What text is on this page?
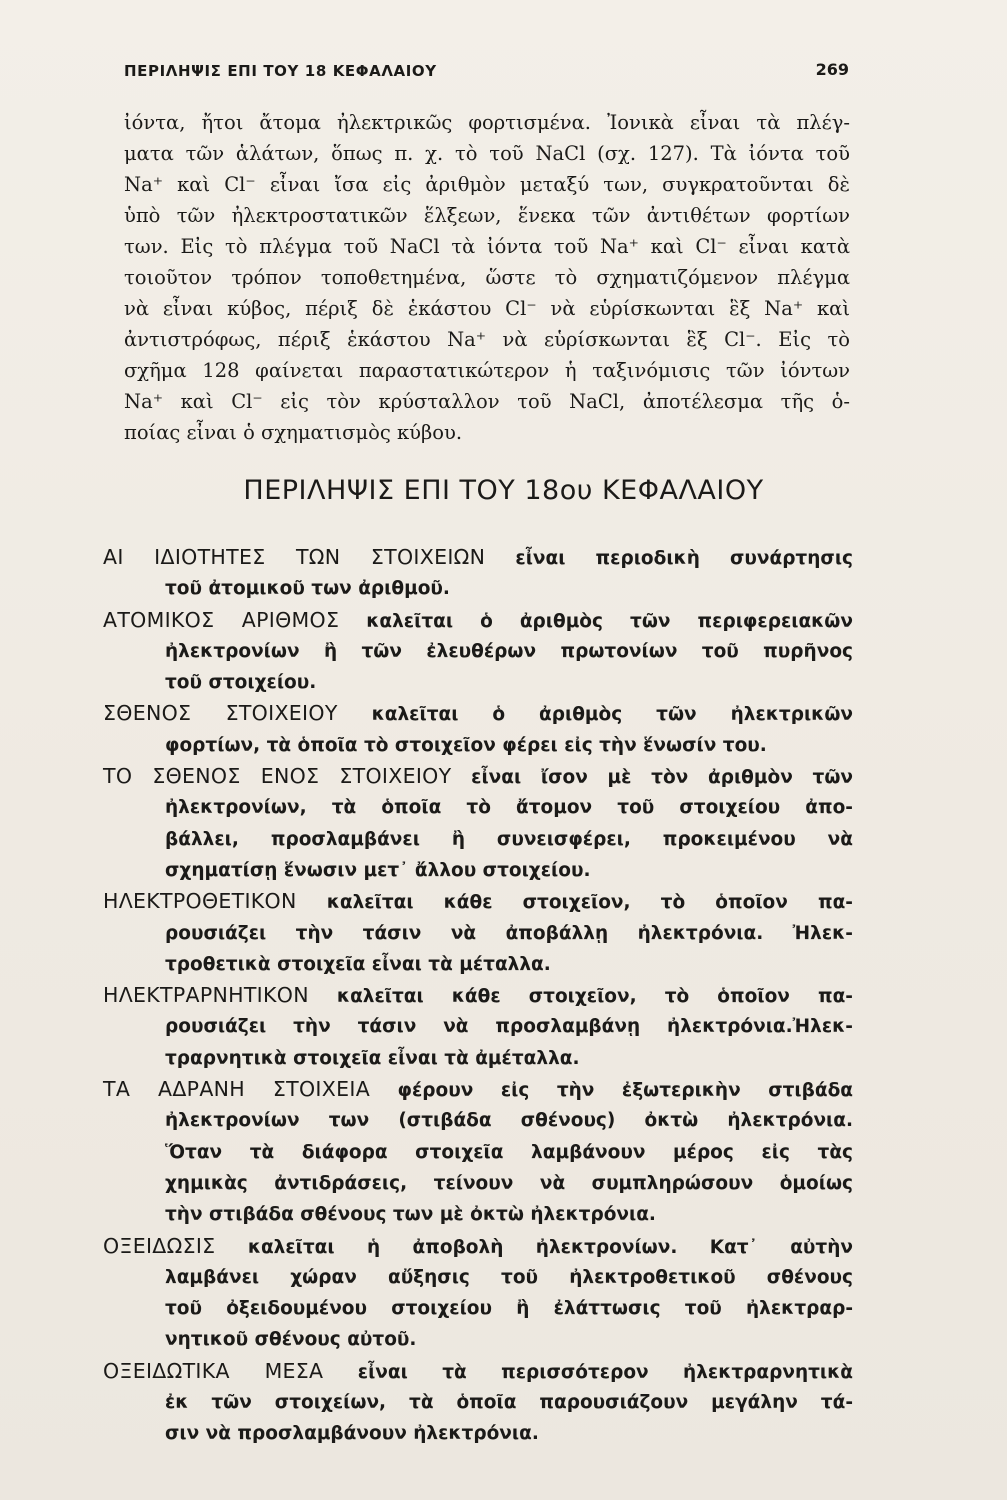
ΠΕΡΙΛΗΨΙΣ ΕΠΙ ΤΟΥ 18 ΚΕΦΑΛΑΙΟΥ	269
ἰόντα, ἤτοι ἄτομα ἠλεκτρικῶς φορτισμένα. Ἰονικὰ εἶναι τὰ πλέγ-
ματα τῶν ἁλάτων, ὅπως π. χ. τὸ τοῦ NaCl (σχ. 127). Τὰ ἰόντα τοῦ
Na⁺ καὶ Cl⁻ εἶναι ἴσα εἰς ἀριθμὸν μεταξύ των, συγκρατοῦνται δὲ
ὑπὸ τῶν ἠλεκτροστατικῶν ἕλξεων, ἕνεκα τῶν ἀντιθέτων φορτίων
των. Εἰς τὸ πλέγμα τοῦ NaCl τὰ ἰόντα τοῦ Na⁺ καὶ Cl⁻ εἶναι κατὰ
τοιοῦτον τρόπον τοποθετημένα, ὥστε τὸ σχηματιζόμενον πλέγμα
νὰ εἶναι κύβος, πέριξ δὲ ἑκάστου Cl⁻ νὰ εὑρίσκωνται ἓξ Na⁺ καὶ
ἀντιστρόφως, πέριξ ἑκάστου Na⁺ νὰ εὑρίσκωνται ἓξ Cl⁻. Εἰς τὸ
σχῆμα 128 φαίνεται παραστατικώτερον ἡ ταξινόμισις τῶν ἰόντων
Na⁺ καὶ Cl⁻ εἰς τὸν κρύσταλλον τοῦ NaCl, ἀποτέλεσμα τῆς ὁ-
ποίας εἶναι ὁ σχηματισμὸς κύβου.
ΠΕΡΙΛΗΨΙΣ ΕΠΙ ΤΟΥ 18ου ΚΕΦΑΛΑΙΟΥ
ΑΙ ΙΔΙΟΤΗΤΕΣ ΤΩΝ ΣΤΟΙΧΕΙΩΝ εἶναι περιοδικὴ συνάρτησις
τοῦ ἀτομικοῦ των ἀριθμοῦ.
ΑΤΟΜΙΚΟΣ ΑΡΙΘΜΟΣ καλεῖται ὁ ἀριθμὸς τῶν περιφερειακῶν
ἠλεκτρονίων ἢ τῶν ἐλευθέρων πρωτονίων τοῦ πυρῆνος
τοῦ στοιχείου.
ΣΘΕΝΟΣ ΣΤΟΙΧΕΙΟΥ καλεῖται ὁ ἀριθμὸς τῶν ἠλεκτρικῶν
φορτίων, τὰ ὁποῖα τὸ στοιχεῖον φέρει εἰς τὴν ἕνωσίν του.
ΤΟ ΣΘΕΝΟΣ ΕΝΟΣ ΣΤΟΙΧΕΙΟΥ εἶναι ἴσον μὲ τὸν ἀριθμὸν τῶν
ἠλεκτρονίων, τὰ ὁποῖα τὸ ἄτομον τοῦ στοιχείου ἀπο-
βάλλει, προσλαμβάνει ἢ συνεισφέρει, προκειμένου νὰ
σχηματίσῃ ἕνωσιν μετ᾽ ἄλλου στοιχείου.
ΗΛΕΚΤΡΟΘΕΤΙΚΟΝ καλεῖται κάθε στοιχεῖον, τὸ ὁποῖον πα-
ρουσιάζει τὴν τάσιν νὰ ἀποβάλλῃ ἠλεκτρόνια. Ἠλεκ-
τροθετικὰ στοιχεῖα εἶναι τὰ μέταλλα.
ΗΛΕΚΤΡΑΡΝΗΤΙΚΟΝ καλεῖται κάθε στοιχεῖον, τὸ ὁποῖον πα-
ρουσιάζει τὴν τάσιν νὰ προσλαμβάνῃ ἠλεκτρόνια.Ἠλεκ-
τραρνητικὰ στοιχεῖα εἶναι τὰ ἀμέταλλα.
ΤΑ ΑΔΡΑΝΗ ΣΤΟΙΧΕΙΑ φέρουν εἰς τὴν ἐξωτερικὴν στιβάδα
ἠλεκτρονίων των (στιβάδα σθένους) ὀκτὼ ἠλεκτρόνια.
Ὅταν τὰ διάφορα στοιχεῖα λαμβάνουν μέρος εἰς τὰς
χημικὰς ἀντιδράσεις, τείνουν νὰ συμπληρώσουν ὁμοίως
τὴν στιβάδα σθένους των μὲ ὀκτὼ ἠλεκτρόνια.
ΟΞΕΙΔΩΣΙΣ καλεῖται ἡ ἀποβολὴ ἠλεκτρονίων. Κατ᾽ αὐτὴν
λαμβάνει χώραν αὔξησις τοῦ ἠλεκτροθετικοῦ σθένους
τοῦ ὀξειδουμένου στοιχείου ἢ ἐλάττωσις τοῦ ἠλεκτραρ-
νητικοῦ σθένους αὐτοῦ.
ΟΞΕΙΔΩΤΙΚΑ ΜΕΣΑ εἶναι τὰ περισσότερον ἠλεκτραρνητικὰ
ἐκ τῶν στοιχείων, τὰ ὁποῖα παρουσιάζουν μεγάλην τά-
σιν νὰ προσλαμβάνουν ἠλεκτρόνια.
